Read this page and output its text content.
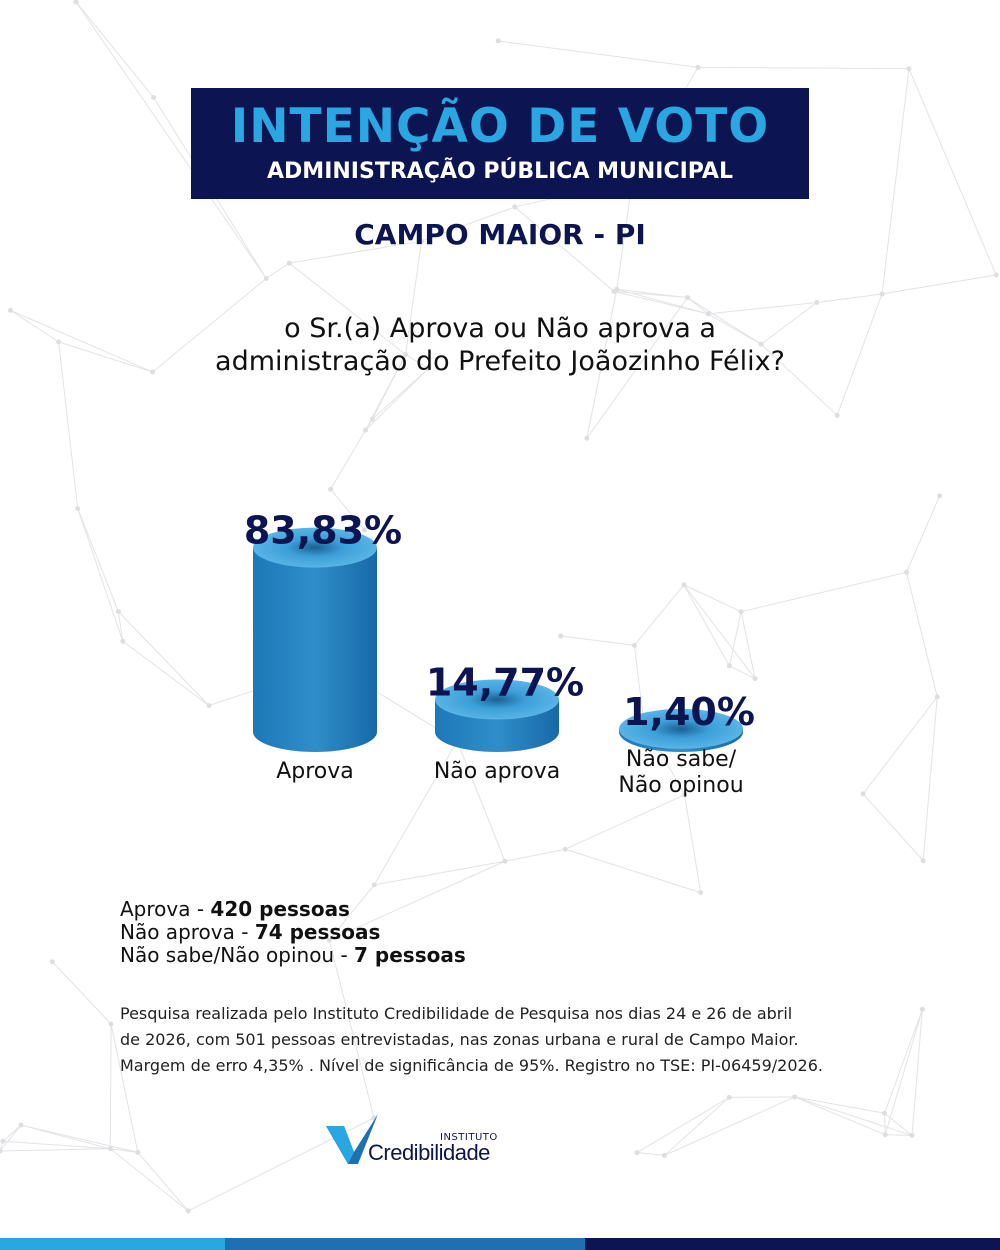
INTENÇÃO DE VOTO
ADMINISTRAÇÃO PÚBLICA MUNICIPAL
CAMPO MAIOR - PI
o Sr.(a) Aprova ou Não aprova a
administração do Prefeito Joãozinho Félix?
83,83%
Aprova
14,77%
Não aprova
1,40%
Não sabe/
Não opinou
Aprova - 420 pessoas
Não aprova - 74 pessoas
Não sabe/Não opinou - 7 pessoas
Pesquisa realizada pelo Instituto Credibilidade de Pesquisa nos dias 24 e 26 de abril
de 2026, com 501 pessoas entrevistadas, nas zonas urbana e rural de Campo Maior.
Margem de erro 4,35% . Nível de significância de 95%. Registro no TSE: PI-06459/2026.
INSTITUTO
Credibilidade
